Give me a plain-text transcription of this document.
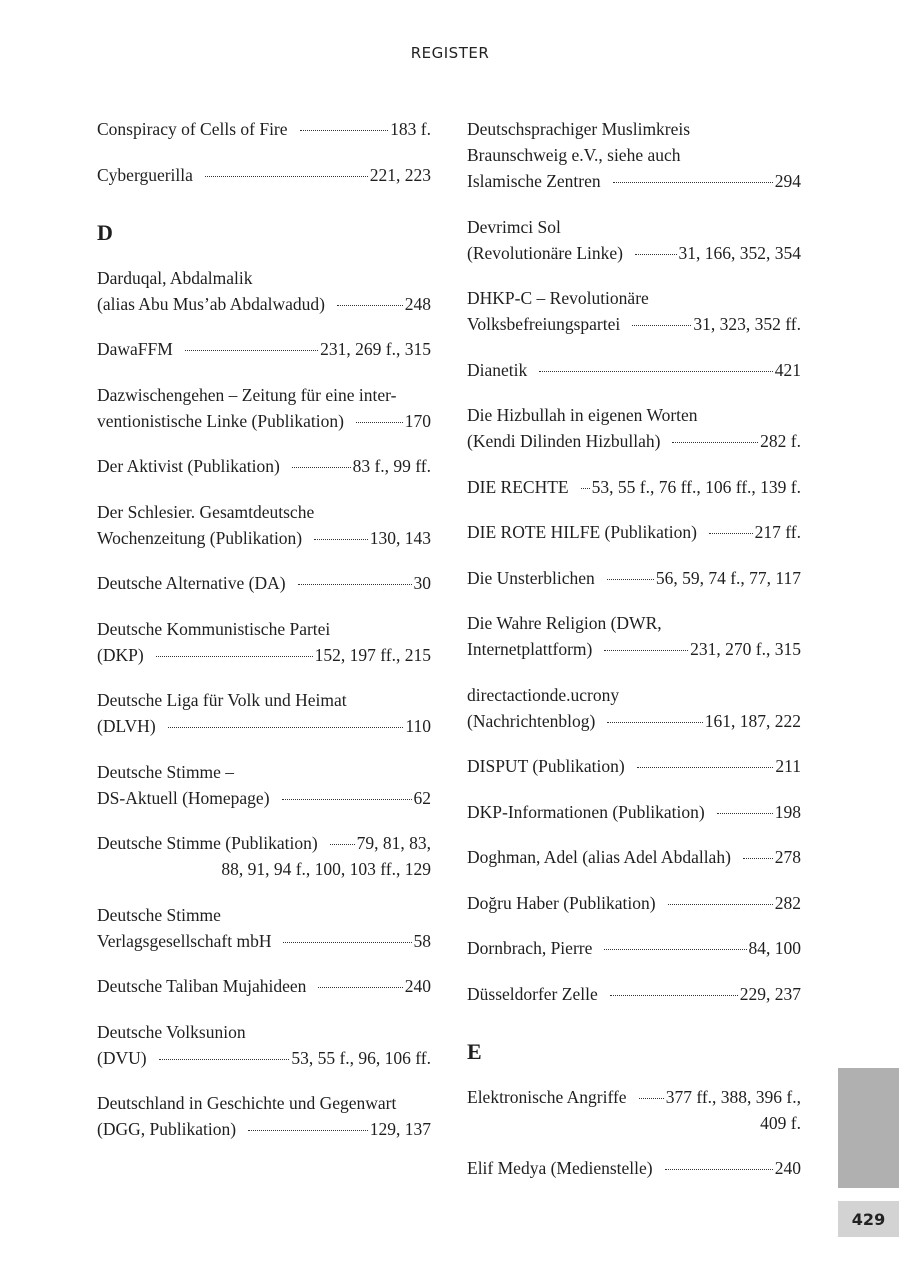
REGISTER
Conspiracy of Cells of Fire	183 f.
Cyberguerilla	221, 223
D
Darduqal, Abdalmalik
(alias Abu Mus’ab Abdalwadud)	248
DawaFFM	231, 269 f., 315
Dazwischengehen – Zeitung für eine inter-
ventionistische Linke (Publikation)	170
Der Aktivist (Publikation)	83 f., 99 ff.
Der Schlesier. Gesamtdeutsche
Wochenzeitung (Publikation)	130, 143
Deutsche Alternative (DA)	30
Deutsche Kommunistische Partei
(DKP)	152, 197 ff., 215
Deutsche Liga für Volk und Heimat
(DLVH)	110
Deutsche Stimme –
DS-Aktuell (Homepage)	62
Deutsche Stimme (Publikation) 79, 81, 83,
88, 91, 94 f., 100, 103 ff., 129
Deutsche Stimme
Verlagsgesellschaft mbH	58
Deutsche Taliban Mujahideen	240
Deutsche Volksunion
(DVU)	53, 55 f., 96, 106 ff.
Deutschland in Geschichte und Gegenwart
(DGG, Publikation)	129, 137
Deutschsprachiger Muslimkreis
Braunschweig e.V., siehe auch
Islamische Zentren	294
Devrimci Sol
(Revolutionäre Linke)	31, 166, 352, 354
DHKP-C – Revolutionäre
Volksbefreiungspartei	31, 323, 352 ff.
Dianetik	421
Die Hizbullah in eigenen Worten
(Kendi Dilinden Hizbullah)	282 f.
DIE RECHTE 53, 55 f., 76 ff., 106 ff., 139 f.
DIE ROTE HILFE (Publikation)	217 ff.
Die Unsterblichen	56, 59, 74 f., 77, 117
Die Wahre Religion (DWR,
Internetplattform)	231, 270 f., 315
directactionde.ucrony
(Nachrichtenblog)	161, 187, 222
DISPUT (Publikation)	211
DKP-Informationen (Publikation)	198
Doghman, Adel (alias Adel Abdallah)	278
Doğru Haber (Publikation)	282
Dornbrach, Pierre	84, 100
Düsseldorfer Zelle	229, 237
E
Elektronische Angriffe 377 ff., 388, 396 f.,
409 f.
Elif Medya (Medienstelle)	240
429
